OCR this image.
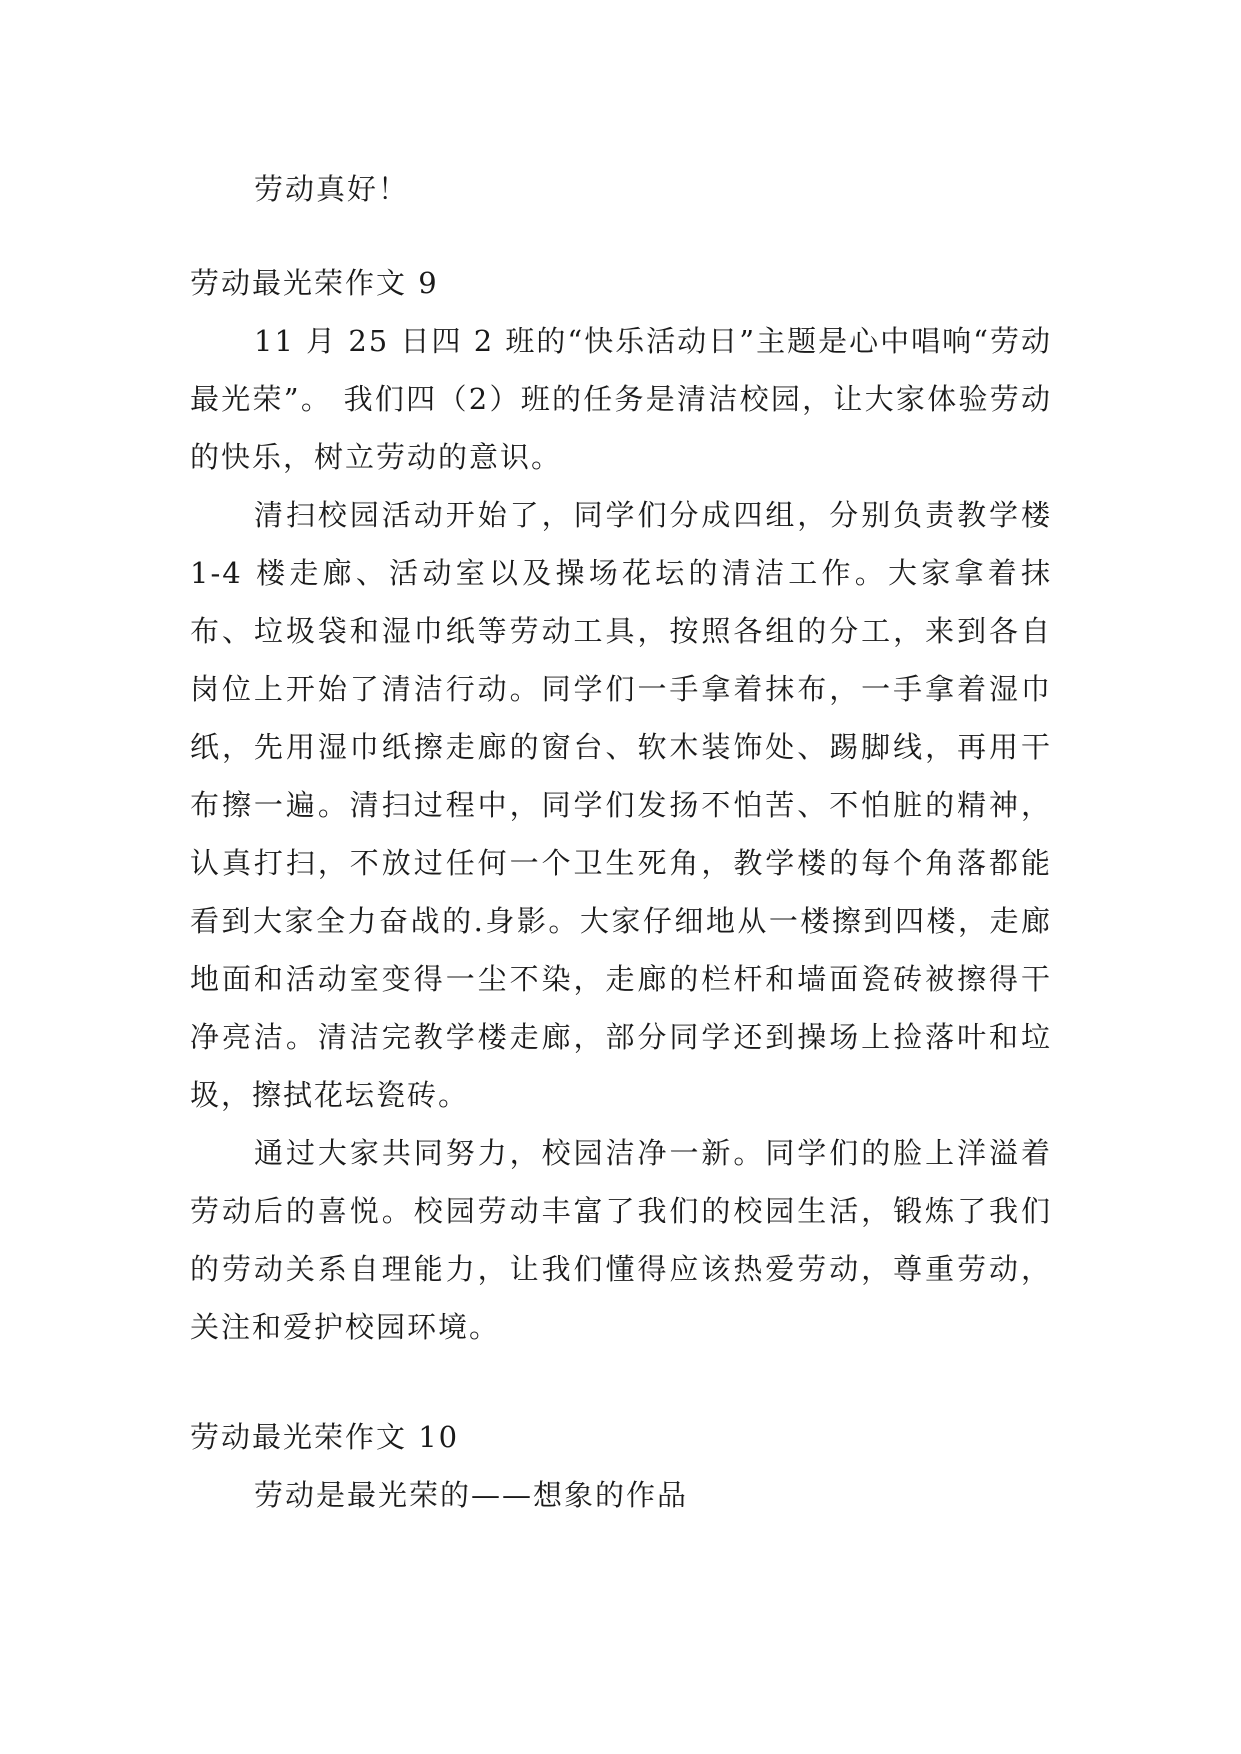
劳动真好！

劳动最光荣作文 9

11 月 25 日四 2 班的“快乐活动日”主题是心中唱响“劳动最光荣”。 我们四（2）班的任务是清洁校园，让大家体验劳动的快乐，树立劳动的意识。

清扫校园活动开始了，同学们分成四组，分别负责教学楼 1-4 楼走廊、活动室以及操场花坛的清洁工作。大家拿着抹布、垃圾袋和湿巾纸等劳动工具，按照各组的分工，来到各自岗位上开始了清洁行动。同学们一手拿着抹布，一手拿着湿巾纸，先用湿巾纸擦走廊的窗台、软木装饰处、踢脚线，再用干布擦一遍。清扫过程中，同学们发扬不怕苦、不怕脏的精神，认真打扫，不放过任何一个卫生死角，教学楼的每个角落都能看到大家全力奋战的.身影。大家仔细地从一楼擦到四楼，走廊地面和活动室变得一尘不染，走廊的栏杆和墙面瓷砖被擦得干净亮洁。清洁完教学楼走廊，部分同学还到操场上捡落叶和垃圾，擦拭花坛瓷砖。

通过大家共同努力，校园洁净一新。同学们的脸上洋溢着劳动后的喜悦。校园劳动丰富了我们的校园生活，锻炼了我们的劳动关系自理能力，让我们懂得应该热爱劳动，尊重劳动，关注和爱护校园环境。

劳动最光荣作文 10

劳动是最光荣的——想象的作品
